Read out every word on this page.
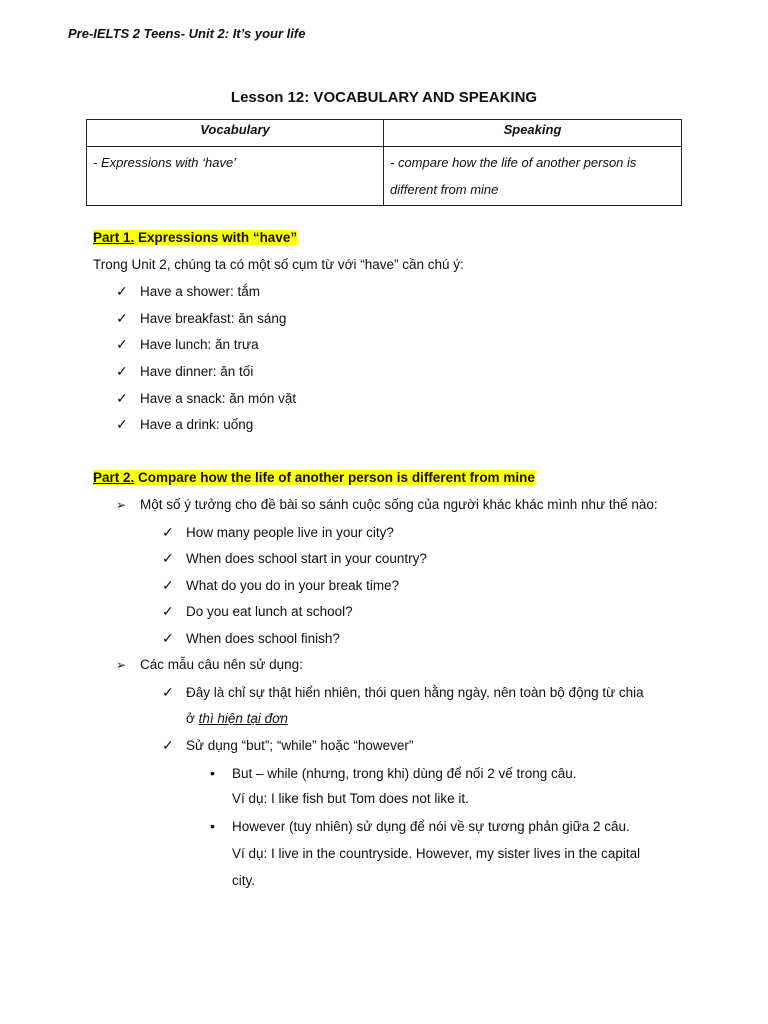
Pre-IELTS 2 Teens- Unit 2: It’s your life
Lesson 12: VOCABULARY AND SPEAKING
Vocabulary	Speaking
- Expressions with ‘have’	- compare how the life of another person is different from mine
Part 1. Expressions with “have”
Trong Unit 2, chúng ta có một số cụm từ với “have” cần chú ý:
✓ Have a shower: tắm
✓ Have breakfast: ăn sáng
✓ Have lunch: ăn trưa
✓ Have dinner: ăn tối
✓ Have a snack: ăn món vặt
✓ Have a drink: uống
Part 2. Compare how the life of another person is different from mine
➢ Một số ý tưởng cho đề bài so sánh cuộc sống của người khác khác mình như thế nào:
✓ How many people live in your city?
✓ When does school start in your country?
✓ What do you do in your break time?
✓ Do you eat lunch at school?
✓ When does school finish?
➢ Các mẫu câu nên sử dụng:
✓ Đây là chỉ sự thật hiển nhiên, thói quen hằng ngày, nên toàn bộ động từ chia
ở thì hiện tại đơn
✓ Sử dụng “but”; “while” hoặc “however”
• But – while (nhưng, trong khi) dùng để nối 2 vế trong câu.
Ví dụ: I like fish but Tom does not like it.
• However (tuy nhiên) sử dụng để nói về sự tương phản giữa 2 câu.
Ví dụ: I live in the countryside. However, my sister lives in the capital
city.
